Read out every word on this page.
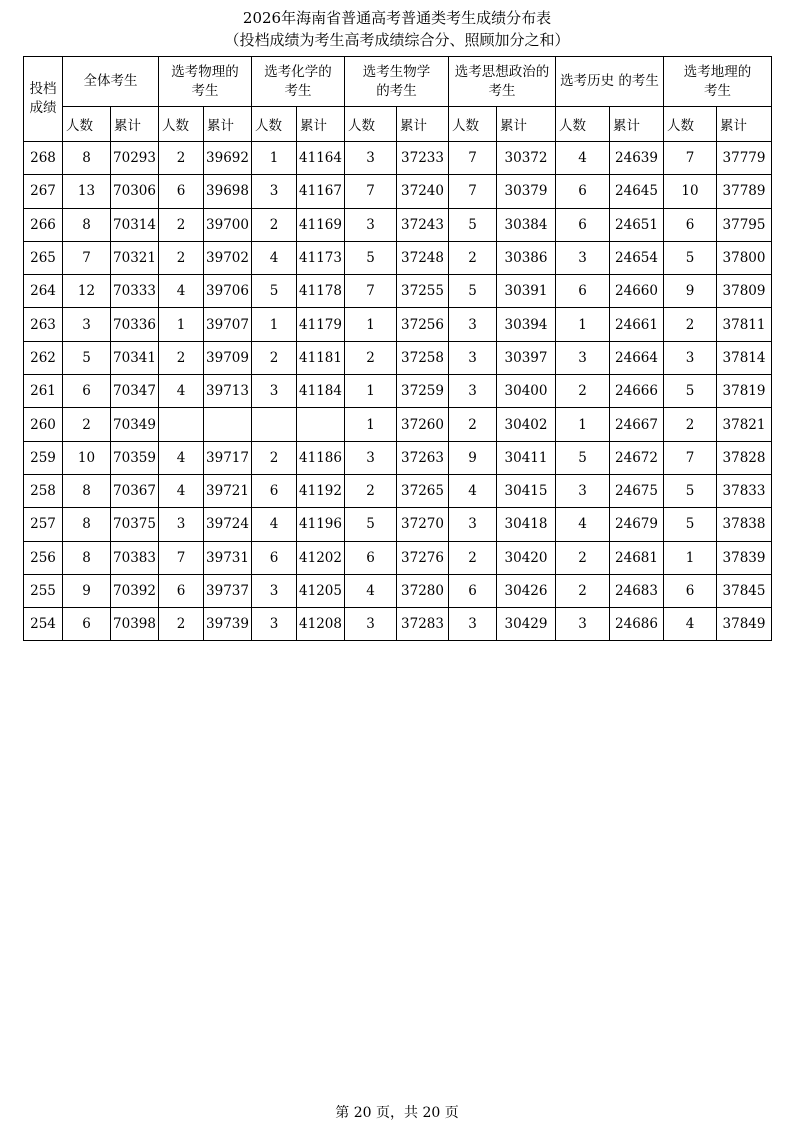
2026年海南省普通高考普通类考生成绩分布表
（投档成绩为考生高考成绩综合分、照顾加分之和）
投档成绩	全体考生		选考物理的考生		选考化学的考生		选考生物学的考生		选考思想政治的考生		选考历史 的考生		选考地理的考生	
	人数	累计	人数	累计	人数	累计	人数	累计	人数	累计	人数	累计	人数	累计
268	8	70293	2	39692	1	41164	3	37233	7	30372	4	24639	7	37779
267	13	70306	6	39698	3	41167	7	37240	7	30379	6	24645	10	37789
266	8	70314	2	39700	2	41169	3	37243	5	30384	6	24651	6	37795
265	7	70321	2	39702	4	41173	5	37248	2	30386	3	24654	5	37800
264	12	70333	4	39706	5	41178	7	37255	5	30391	6	24660	9	37809
263	3	70336	1	39707	1	41179	1	37256	3	30394	1	24661	2	37811
262	5	70341	2	39709	2	41181	2	37258	3	30397	3	24664	3	37814
261	6	70347	4	39713	3	41184	1	37259	3	30400	2	24666	5	37819
260	2	70349					1	37260	2	30402	1	24667	2	37821
259	10	70359	4	39717	2	41186	3	37263	9	30411	5	24672	7	37828
258	8	70367	4	39721	6	41192	2	37265	4	30415	3	24675	5	37833
257	8	70375	3	39724	4	41196	5	37270	3	30418	4	24679	5	37838
256	8	70383	7	39731	6	41202	6	37276	2	30420	2	24681	1	37839
255	9	70392	6	39737	3	41205	4	37280	6	30426	2	24683	6	37845
254	6	70398	2	39739	3	41208	3	37283	3	30429	3	24686	4	37849
第 20 页，共 20 页
